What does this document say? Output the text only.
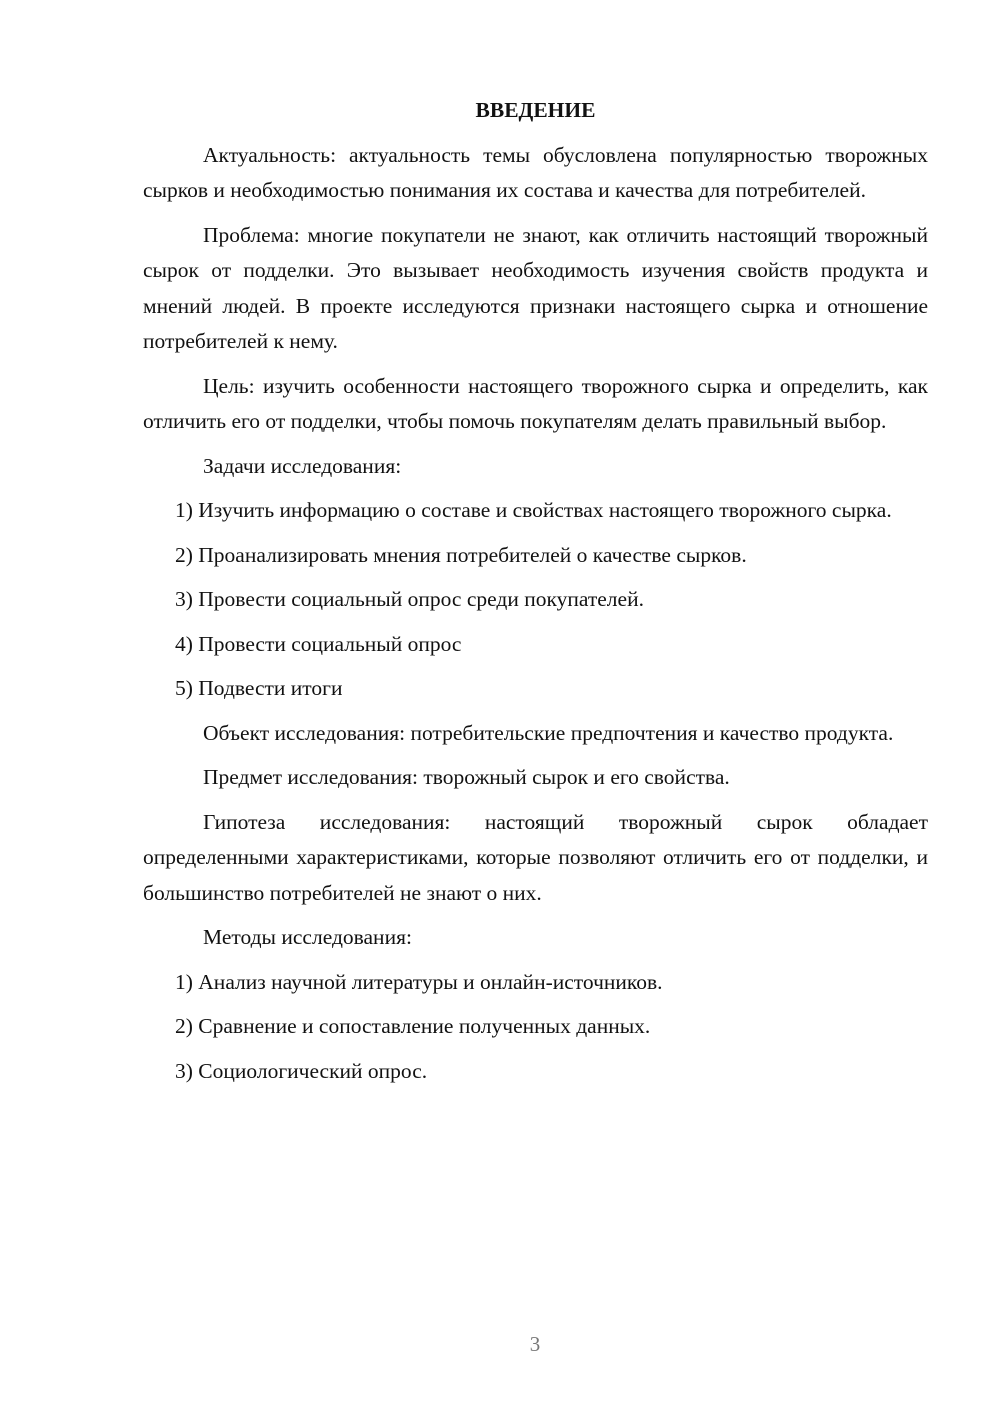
ВВЕДЕНИЕ

Актуальность: актуальность темы обусловлена популярностью творожных сырков и необходимостью понимания их состава и качества для потребителей.

Проблема: многие покупатели не знают, как отличить настоящий творожный сырок от подделки. Это вызывает необходимость изучения свойств продукта и мнений людей. В проекте исследуются признаки настоящего сырка и отношение потребителей к нему.

Цель: изучить особенности настоящего творожного сырка и определить, как отличить его от подделки, чтобы помочь покупателям делать правильный выбор.

Задачи исследования:

1) Изучить информацию о составе и свойствах настоящего творожного сырка.

2) Проанализировать мнения потребителей о качестве сырков.

3) Провести социальный опрос среди покупателей.

4) Провести социальный опрос

5) Подвести итоги

Объект исследования: потребительские предпочтения и качество продукта.

Предмет исследования: творожный сырок и его свойства.

Гипотеза исследования: настоящий творожный сырок обладает определенными характеристиками, которые позволяют отличить его от подделки, и большинство потребителей не знают о них.

Методы исследования:

1) Анализ научной литературы и онлайн-источников.

2) Сравнение и сопоставление полученных данных.

3) Социологический опрос.

3
